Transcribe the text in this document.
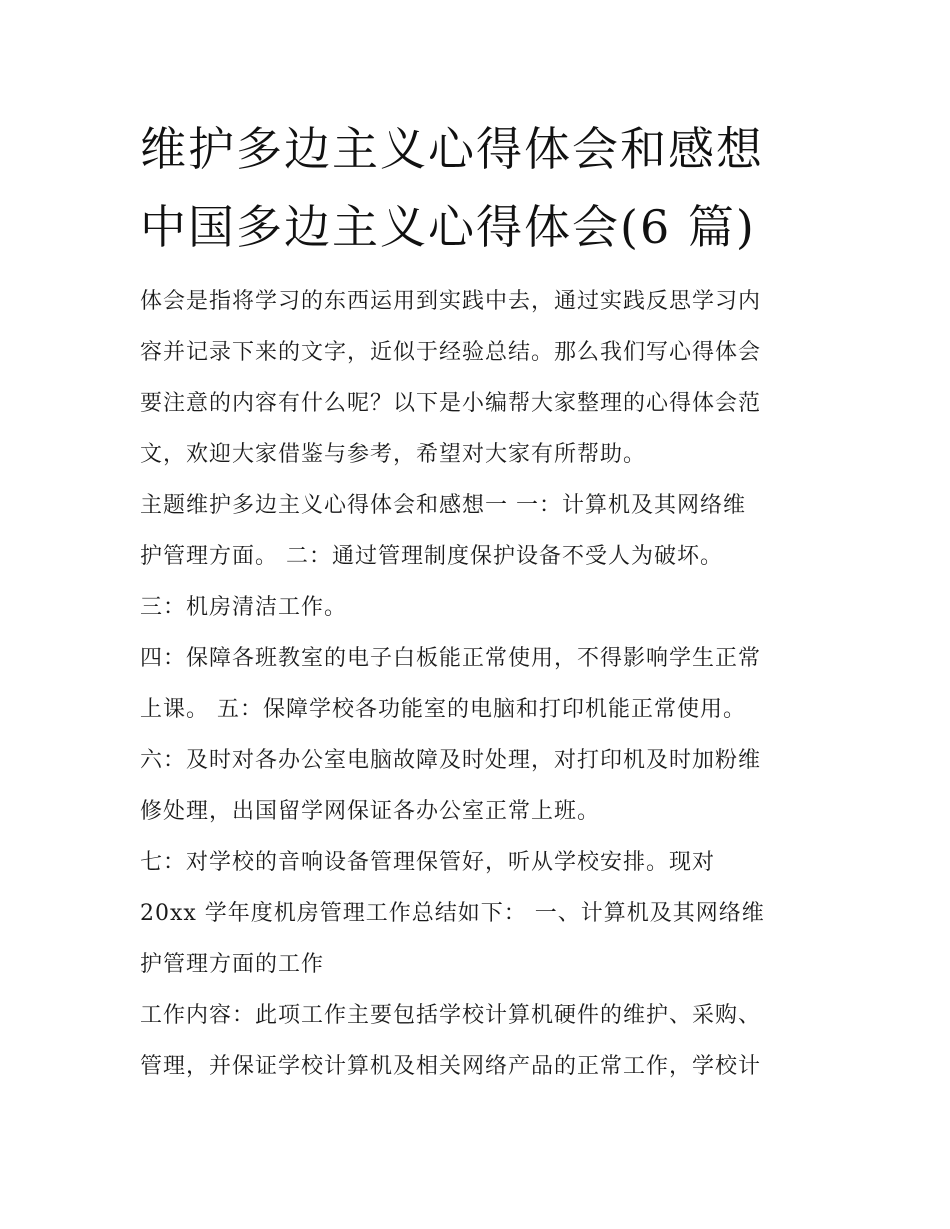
维护多边主义心得体会和感想
中国多边主义心得体会(6 篇)
体会是指将学习的东西运用到实践中去，通过实践反思学习内
容并记录下来的文字，近似于经验总结。那么我们写心得体会
要注意的内容有什么呢？以下是小编帮大家整理的心得体会范
文，欢迎大家借鉴与参考，希望对大家有所帮助。
主题维护多边主义心得体会和感想一 一：计算机及其网络维
护管理方面。 二：通过管理制度保护设备不受人为破坏。
三：机房清洁工作。
四：保障各班教室的电子白板能正常使用，不得影响学生正常
上课。 五：保障学校各功能室的电脑和打印机能正常使用。
六：及时对各办公室电脑故障及时处理，对打印机及时加粉维
修处理，出国留学网保证各办公室正常上班。
七：对学校的音响设备管理保管好，听从学校安排。现对
20xx 学年度机房管理工作总结如下： 一、计算机及其网络维
护管理方面的工作
工作内容：此项工作主要包括学校计算机硬件的维护、采购、
管理，并保证学校计算机及相关网络产品的正常工作，学校计
